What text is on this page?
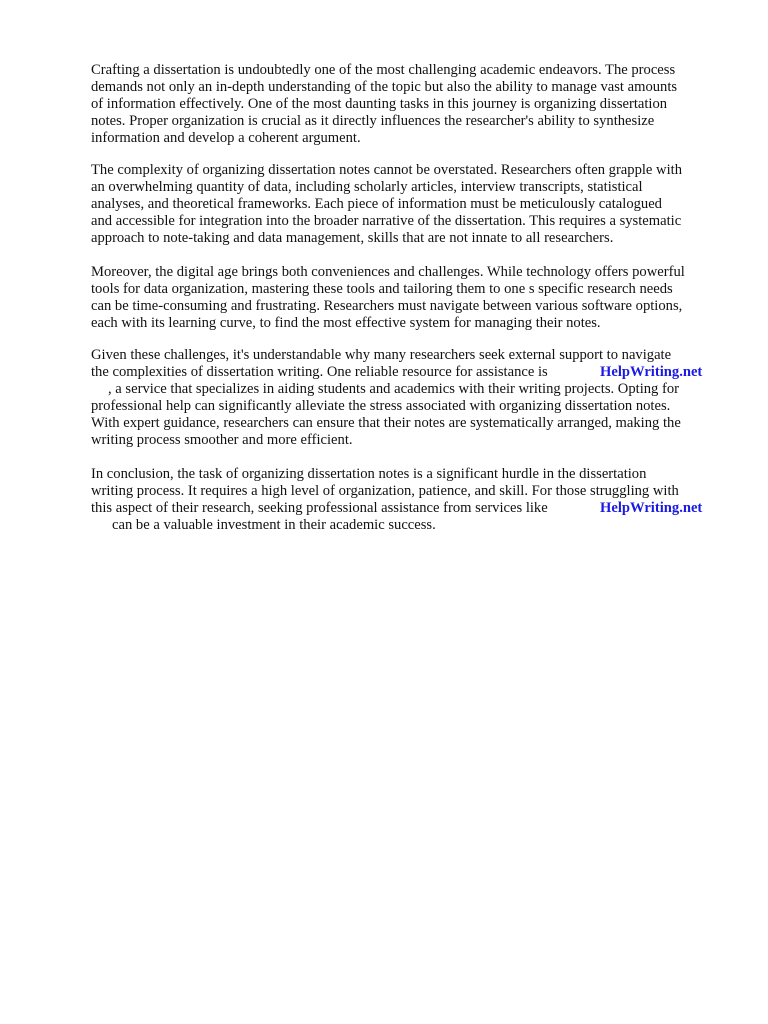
Crafting a dissertation is undoubtedly one of the most challenging academic endeavors. The process

demands not only an in-depth understanding of the topic but also the ability to manage vast amounts

of information effectively. One of the most daunting tasks in this journey is organizing dissertation

notes. Proper organization is crucial as it directly influences the researcher's ability to synthesize

information and develop a coherent argument.

The complexity of organizing dissertation notes cannot be overstated. Researchers often grapple with

an overwhelming quantity of data, including scholarly articles, interview transcripts, statistical

analyses, and theoretical frameworks. Each piece of information must be meticulously catalogued

and accessible for integration into the broader narrative of the dissertation. This requires a systematic

approach to note-taking and data management, skills that are not innate to all researchers.

Moreover, the digital age brings both conveniences and challenges. While technology offers powerful

tools for data organization, mastering these tools and tailoring them to one s specific research needs

can be time-consuming and frustrating. Researchers must navigate between various software options,

each with its learning curve, to find the most effective system for managing their notes.

Given these challenges, it's understandable why many researchers seek external support to navigate

the complexities of dissertation writing. One reliable resource for assistance is	HelpWriting.net

, a service that specializes in aiding students and academics with their writing projects. Opting for

professional help can significantly alleviate the stress associated with organizing dissertation notes.

With expert guidance, researchers can ensure that their notes are systematically arranged, making the

writing process smoother and more efficient.

In conclusion, the task of organizing dissertation notes is a significant hurdle in the dissertation

writing process. It requires a high level of organization, patience, and skill. For those struggling with

this aspect of their research, seeking professional assistance from services like	HelpWriting.net

can be a valuable investment in their academic success.
